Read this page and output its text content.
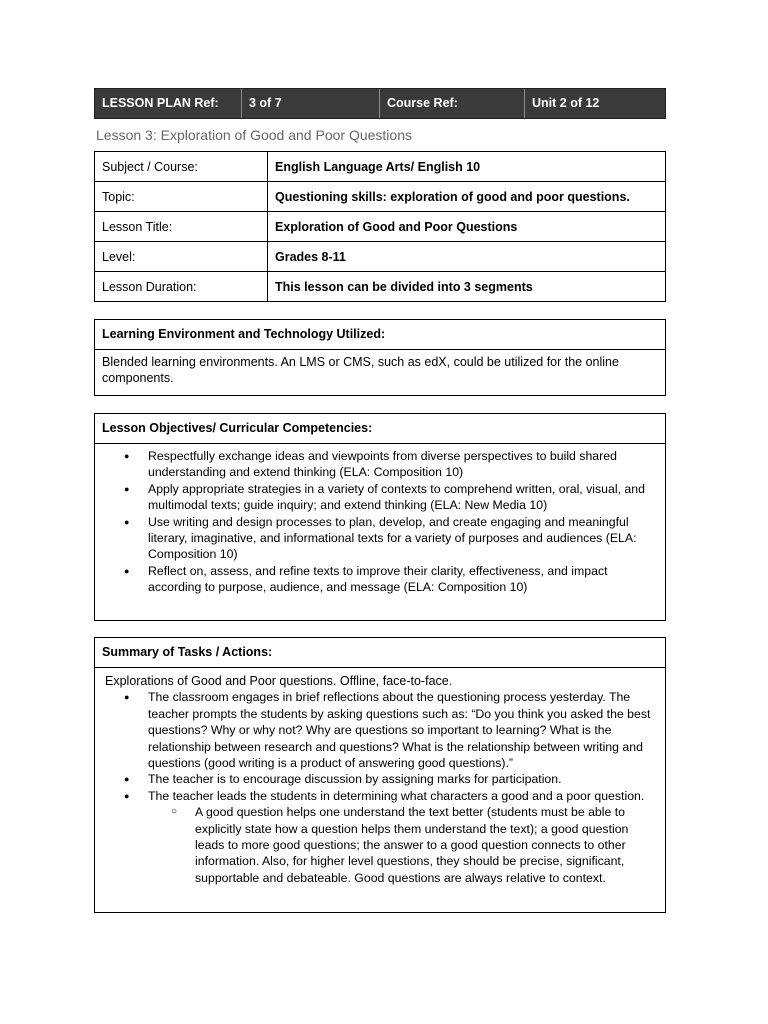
LESSON PLAN Ref:	3 of 7	Course Ref:	Unit 2 of 12
Lesson 3: Exploration of Good and Poor Questions
Subject / Course:	English Language Arts/ English 10
Topic:	Questioning skills: exploration of good and poor questions.
Lesson Title:	Exploration of Good and Poor Questions
Level:	Grades 8-11
Lesson Duration:	This lesson can be divided into 3 segments
Learning Environment and Technology Utilized:
Blended learning environments. An LMS or CMS, such as edX, could be utilized for the online components.
Lesson Objectives/ Curricular Competencies:
● Respectfully exchange ideas and viewpoints from diverse perspectives to build shared understanding and extend thinking (ELA: Composition 10)
● Apply appropriate strategies in a variety of contexts to comprehend written, oral, visual, and multimodal texts; guide inquiry; and extend thinking (ELA: New Media 10)
● Use writing and design processes to plan, develop, and create engaging and meaningful literary, imaginative, and informational texts for a variety of purposes and audiences (ELA: Composition 10)
● Reflect on, assess, and refine texts to improve their clarity, effectiveness, and impact according to purpose, audience, and message (ELA: Composition 10)
Summary of Tasks / Actions:
Explorations of Good and Poor questions. Offline, face-to-face.
● The classroom engages in brief reflections about the questioning process yesterday. The teacher prompts the students by asking questions such as: “Do you think you asked the best questions? Why or why not? Why are questions so important to learning? What is the relationship between research and questions? What is the relationship between writing and questions (good writing is a product of answering good questions).”
● The teacher is to encourage discussion by assigning marks for participation.
● The teacher leads the students in determining what characters a good and a poor question.
○ A good question helps one understand the text better (students must be able to explicitly state how a question helps them understand the text); a good question leads to more good questions; the answer to a good question connects to other information. Also, for higher level questions, they should be precise, significant, supportable and debateable. Good questions are always relative to context.
